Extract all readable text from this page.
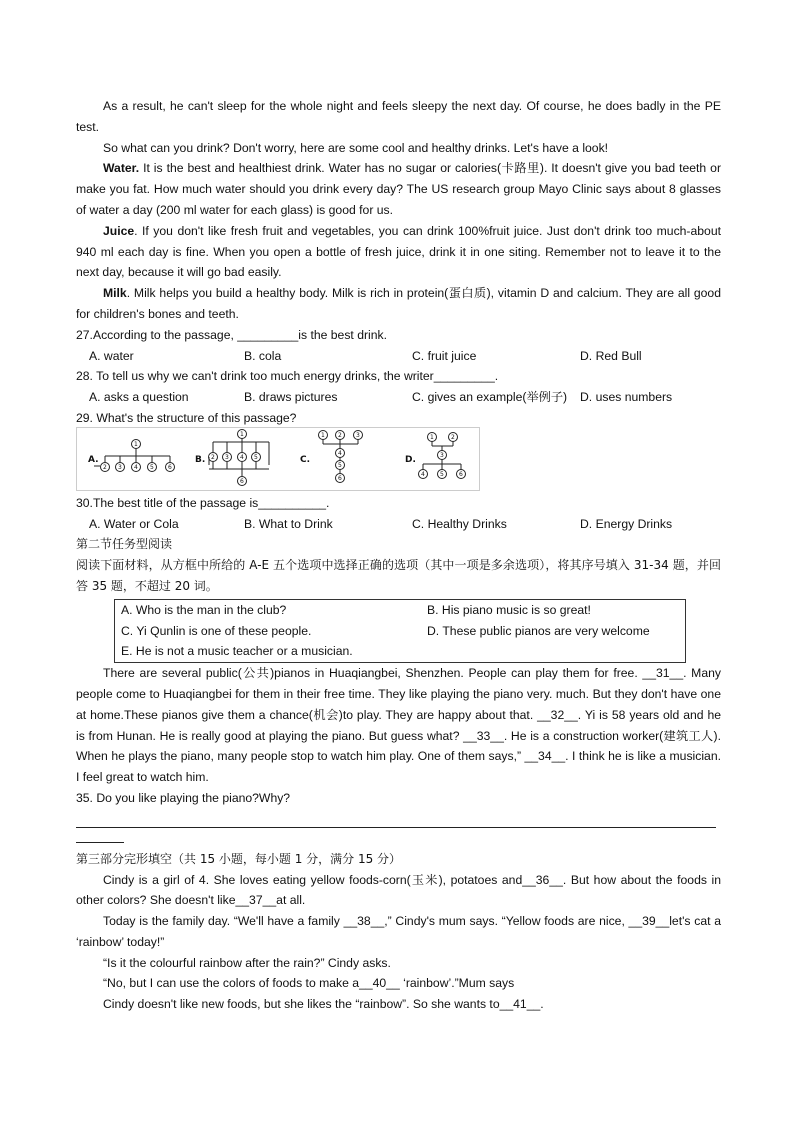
As a result, he can't sleep for the whole night and feels sleepy the next day. Of course, he does badly in the PE test.

So what can you drink? Don't worry, here are some cool and healthy drinks. Let's have a look!

Water. It is the best and healthiest drink. Water has no sugar or calories(卡路里). It doesn't give you bad teeth or make you fat. How much water should you drink every day? The US research group Mayo Clinic says about 8 glasses of water a day (200 ml water for each glass) is good for us.

Juice. If you don't like fresh fruit and vegetables, you can drink 100%fruit juice. Just don't drink too much-about 940 ml each day is fine. When you open a bottle of fresh juice, drink it in one siting. Remember not to leave it to the next day, because it will go bad easily.

Milk. Milk helps you build a healthy body. Milk is rich in protein(蛋白质), vitamin D and calcium. They are all good for children's bones and teeth.

27.According to the passage, _________is the best drink.

A. water	B. cola	C. fruit juice	D. Red Bull

28. To tell us why we can't drink too much energy drinks, the writer_________.

A. asks a question	B. draws pictures	C. gives an example(举例子)	D. uses numbers

29. What's the structure of this passage?

A.
1
2 3 4 5 6
B.
1
2 3 4 5
6
C.
1 2 3
4
5
6
D.
1	2
3
4	5	6

30.The best title of the passage is__________.

A. Water or Cola	B. What to Drink	C. Healthy Drinks	D. Energy Drinks

第二节任务型阅读

阅读下面材料，从方框中所给的 A-E 五个选项中选择正确的选项（其中一项是多余选项），将其序号填入 31-34 题，并回答 35 题，不超过 20 词。

A. Who is the man in the club?	B. His piano music is so great!
C. Yi Qunlin is one of these people.	D. These public pianos are very welcome
E. He is not a music teacher or a musician.

There are several public(公共)pianos in Huaqiangbei, Shenzhen. People can play them for free. __31__. Many people come to Huaqiangbei for them in their free time. They like playing the piano very. much. But they don't have one at home.These pianos give them a chance(机会)to play. They are happy about that. __32__. Yi is 58 years old and he is from Hunan. He is really good at playing the piano. But guess what? __33__. He is a construction worker(建筑工人). When he plays the piano, many people stop to watch him play. One of them says,” __34__. I think he is like a musician. I feel great to watch him.

35. Do you like playing the piano?Why?

第三部分完形填空（共 15 小题，每小题 1 分，满分 15 分）

Cindy is a girl of 4. She loves eating yellow foods-corn(玉米), potatoes and__36__. But how about the foods in other colors? She doesn't like__37__at all.

Today is the family day. “We'll have a family __38__,” Cindy's mum says. “Yellow foods are nice, __39__let's cat a ‘rainbow’ today!”

“Is it the colourful rainbow after the rain?” Cindy asks.

“No, but I can use the colors of foods to make a__40__ ‘rainbow’.”Mum says

Cindy doesn't like new foods, but she likes the “rainbow”. So she wants to__41__.
